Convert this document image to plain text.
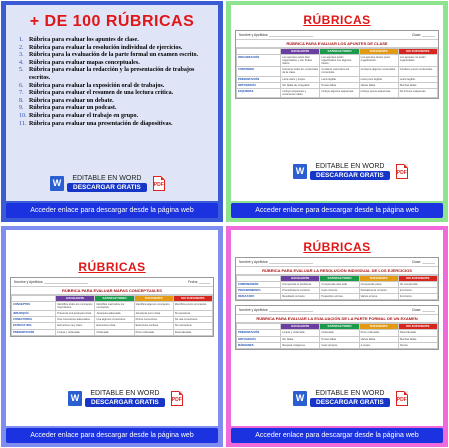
+ DE 100 RÚBRICAS
1. Rúbrica para evaluar los apuntes de clase.
2. Rúbrica para evaluar la resolución individual de ejercicios.
3. Rúbrica para la evaluación de la parte formal un examen escrito.
4. Rúbrica para evaluar mapas conceptuales.
5. Rúbrica para evaluar la redacción y la presentación de trabajos escritos.
6. Rúbrica para evaluar la exposición oral de trabajos.
7. Rúbrica para evaluar el resumen de una lectura crítica.
8. Rúbrica para evaluar un debate.
9. Rúbrica para evaluar un podcast.
10. Rúbrica para evaluar el trabajo en grupo.
11. Rúbrica para evaluar una presentación de diapositivas.
W	EDITABLE EN WORD
DESCARGAR GRATIS	PDF
Acceder enlace para descargar desde la página web
RÚBRICAS
Nombre y Apellidos: ________________________	Clase: _______
RÚBRICA PARA EVALUAR LOS APUNTES DE CLASE
	EXCELENTE	SATISFACTORIO	SUFICIENTE	NO SUFICIENTE
ORGANIZACIÓN	Los apuntes están bien organizados y con títulos claros.	Los apuntes están organizados con algunos títulos.	Los apuntes tienen poca organización.	Los apuntes no están organizados.
CONTENIDO	Contiene todos los contenidos de la clase.	Contiene casi todos los contenidos.	Contiene algunos contenidos.	Contiene pocos contenidos.
PRESENTACIÓN	Letra clara y limpia.	Letra legible.	Letra poco legible.	Letra ilegible.
ORTOGRAFÍA	Sin faltas de ortografía.	Pocas faltas.	Varias faltas.	Muchas faltas.
ESQUEMAS	Incluye esquemas y resúmenes útiles.	Incluye algunos esquemas.	Incluye pocos esquemas.	No incluye esquemas.
W	EDITABLE EN WORD
DESCARGAR GRATIS	PDF
Acceder enlace para descargar desde la página web
RÚBRICAS
Nombre y Apellidos: ________________________	Fecha: ______
RÚBRICA PARA EVALUAR MAPAS CONCEPTUALES
	EXCELENTE	SATISFACTORIO	SUFICIENTE	NO SUFICIENTE
CONCEPTOS	Identifica todos los conceptos importantes.	Identifica casi todos los conceptos.	Identifica algunos conceptos.	Identifica pocos conceptos.
JERARQUÍA	Presenta una jerarquía clara.	Jerarquía adecuada.	Jerarquía poco clara.	Sin jerarquía.
CONECTORES	Usa conectores adecuados.	Usa algunos conectores.	Pocos conectores.	No usa conectores.
ESTRUCTURA	Estructura muy clara.	Estructura clara.	Estructura confusa.	Sin estructura.
PRESENTACIÓN	Limpia y ordenada.	Ordenada.	Poco ordenada.	Desordenada.
W	EDITABLE EN WORD
DESCARGAR GRATIS	PDF
Acceder enlace para descargar desde la página web
RÚBRICAS
Nombre y Apellidos: ________________________	Clase: _______
RÚBRICA PARA EVALUAR LA RESOLUCIÓN INDIVIDUAL DE LOS EJERCICIOS
	EXCELENTE	SATISFACTORIO	SUFICIENTE	NO SUFICIENTE
COMPRENSIÓN	Comprende el problema.	Comprende casi todo.	Comprende parte.	No comprende.
PROCEDIMIENTO	Procedimiento correcto.	Casi correcto.	Parcialmente correcto.	Incorrecto.
RESULTADO	Resultado correcto.	Pequeños errores.	Varios errores.	Incorrecto.
Nombre y Apellidos: ________________________	Clase: _______
RÚBRICA PARA EVALUAR LA EVALUACIÓN DE LA PARTE FORMAL DE UN EXAMEN
	EXCELENTE	SATISFACTORIO	SUFICIENTE	NO SUFICIENTE
PRESENTACIÓN	Limpia y ordenada.	Ordenada.	Poco ordenada.	Desordenada.
ORTOGRAFÍA	Sin faltas.	Pocas faltas.	Varias faltas.	Muchas faltas.
MÁRGENES	Respeta márgenes.	Casi siempre.	A veces.	Nunca.
W	EDITABLE EN WORD
DESCARGAR GRATIS	PDF
Acceder enlace para descargar desde la página web
